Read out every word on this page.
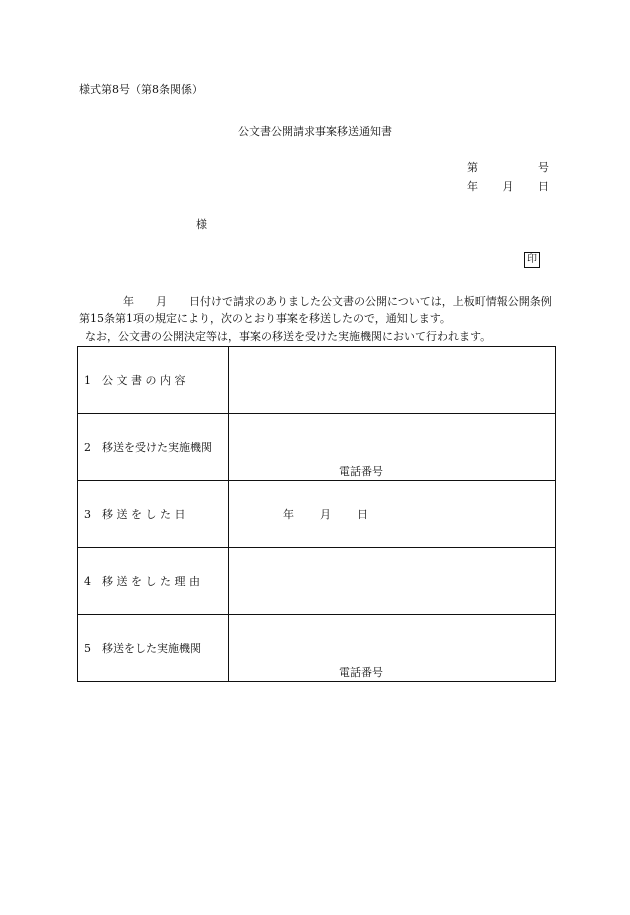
様式第8号（第8条関係）
公文書公開請求事案移送通知書
第	号
年 月 日
様
印
年 月 日付けで請求のありました公文書の公開については，上板町情報公開条例第15条第1項の規定により，次のとおり事案を移送したので，通知します。
なお，公文書の公開決定等は，事案の移送を受けた実施機関において行われます。
1　公 文 書 の 内 容	

2　移送を受けた実施機関	電話番号

3　移 送 を し た 日	年 月 日

4　移 送 を し た 理 由	

5　移送をした実施機関	電話番号
